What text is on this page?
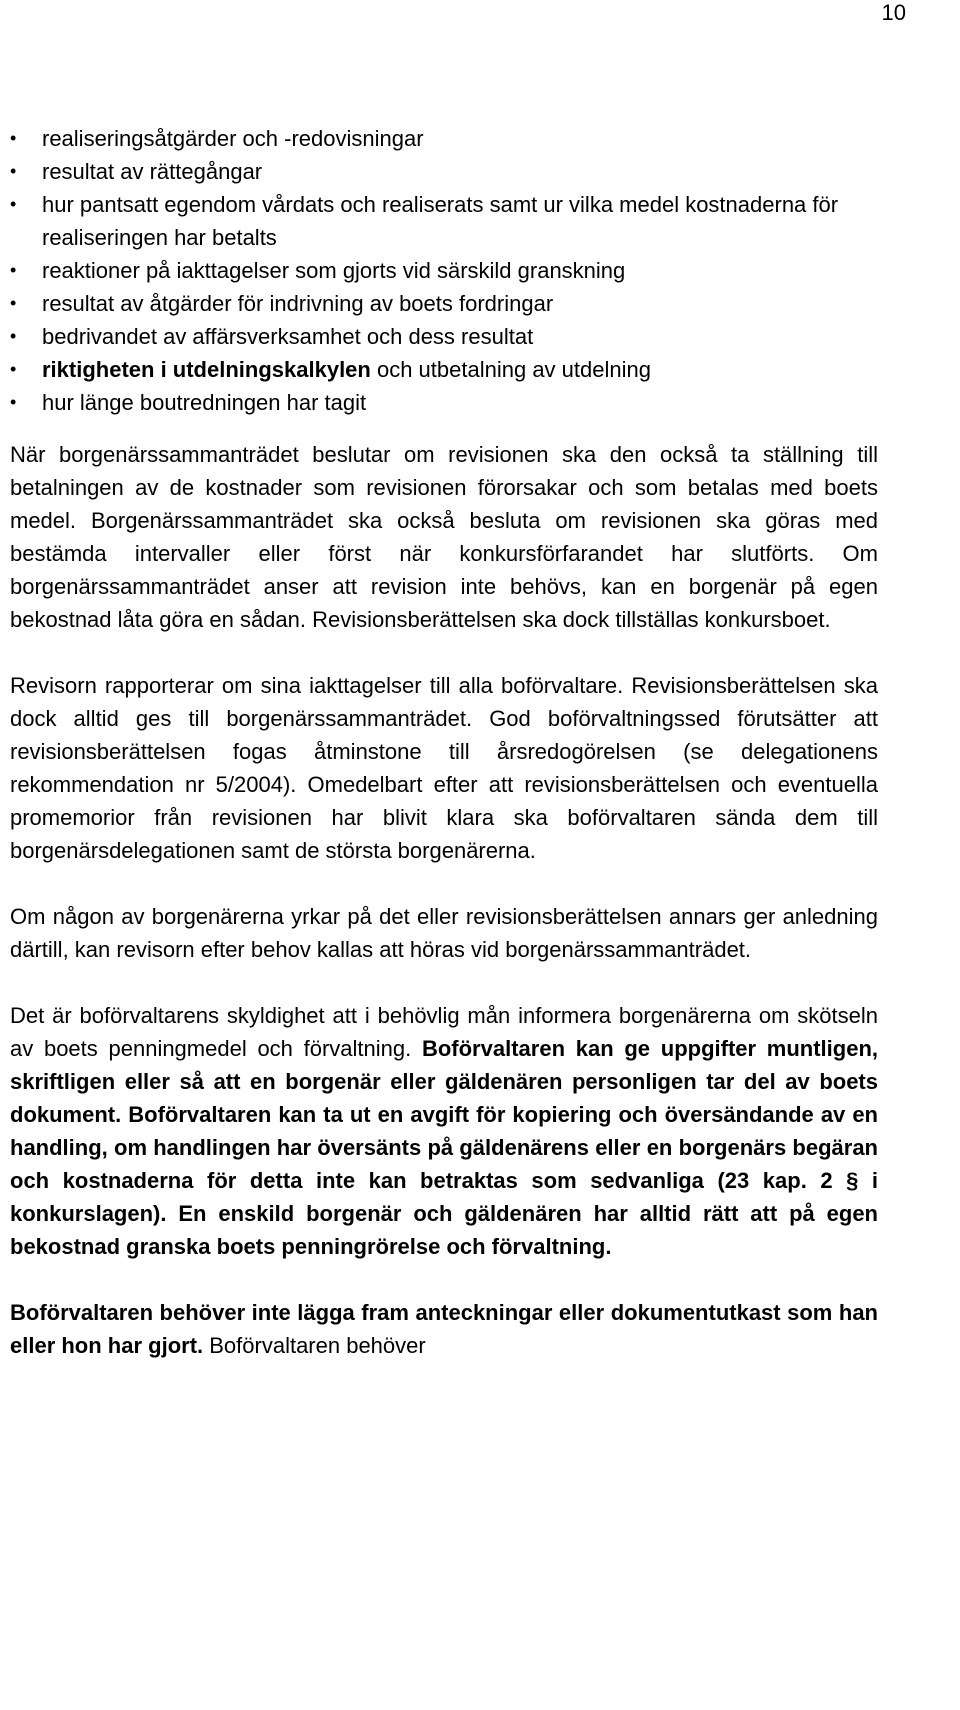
10
•	realiseringsåtgärder och -redovisningar
•	resultat av rättegångar
•	hur pantsatt egendom vårdats och realiserats samt ur vilka medel kostnaderna för realiseringen har betalts
•	reaktioner på iakttagelser som gjorts vid särskild granskning
•	resultat av åtgärder för indrivning av boets fordringar
•	bedrivandet av affärsverksamhet och dess resultat
•	riktigheten i utdelningskalkylen och utbetalning av utdelning
•	hur länge boutredningen har tagit

När borgenärssammanträdet beslutar om revisionen ska den också ta ställning till betalningen av de kostnader som revisionen förorsakar och som betalas med boets medel. Borgenärssammanträdet ska också besluta om revisionen ska göras med bestämda intervaller eller först när konkursförfarandet har slutförts. Om borgenärssammanträdet anser att revision inte behövs, kan en borgenär på egen bekostnad låta göra en sådan. Revisionsberättelsen ska dock tillställas konkursboet.

Revisorn rapporterar om sina iakttagelser till alla boförvaltare. Revisionsberättelsen ska dock alltid ges till borgenärssammanträdet. God boförvaltningssed förutsätter att revisionsberättelsen fogas åtminstone till årsredogörelsen (se delegationens rekommendation nr 5/2004). Omedelbart efter att revisionsberättelsen och eventuella promemorior från revisionen har blivit klara ska boförvaltaren sända dem till borgenärsdelegationen samt de största borgenärerna.

Om någon av borgenärerna yrkar på det eller revisionsberättelsen annars ger anledning därtill, kan revisorn efter behov kallas att höras vid borgenärssammanträdet.

Det är boförvaltarens skyldighet att i behövlig mån informera borgenärerna om skötseln av boets penningmedel och förvaltning. Boförvaltaren kan ge uppgifter muntligen, skriftligen eller så att en borgenär eller gäldenären personligen tar del av boets dokument. Boförvaltaren kan ta ut en avgift för kopiering och översändande av en handling, om handlingen har översänts på gäldenärens eller en borgenärs begäran och kostnaderna för detta inte kan betraktas som sedvanliga (23 kap. 2 § i konkurslagen). En enskild borgenär och gäldenären har alltid rätt att på egen bekostnad granska boets penningrörelse och förvaltning.

Boförvaltaren behöver inte lägga fram anteckningar eller dokumentutkast som han eller hon har gjort. Boförvaltaren behöver
